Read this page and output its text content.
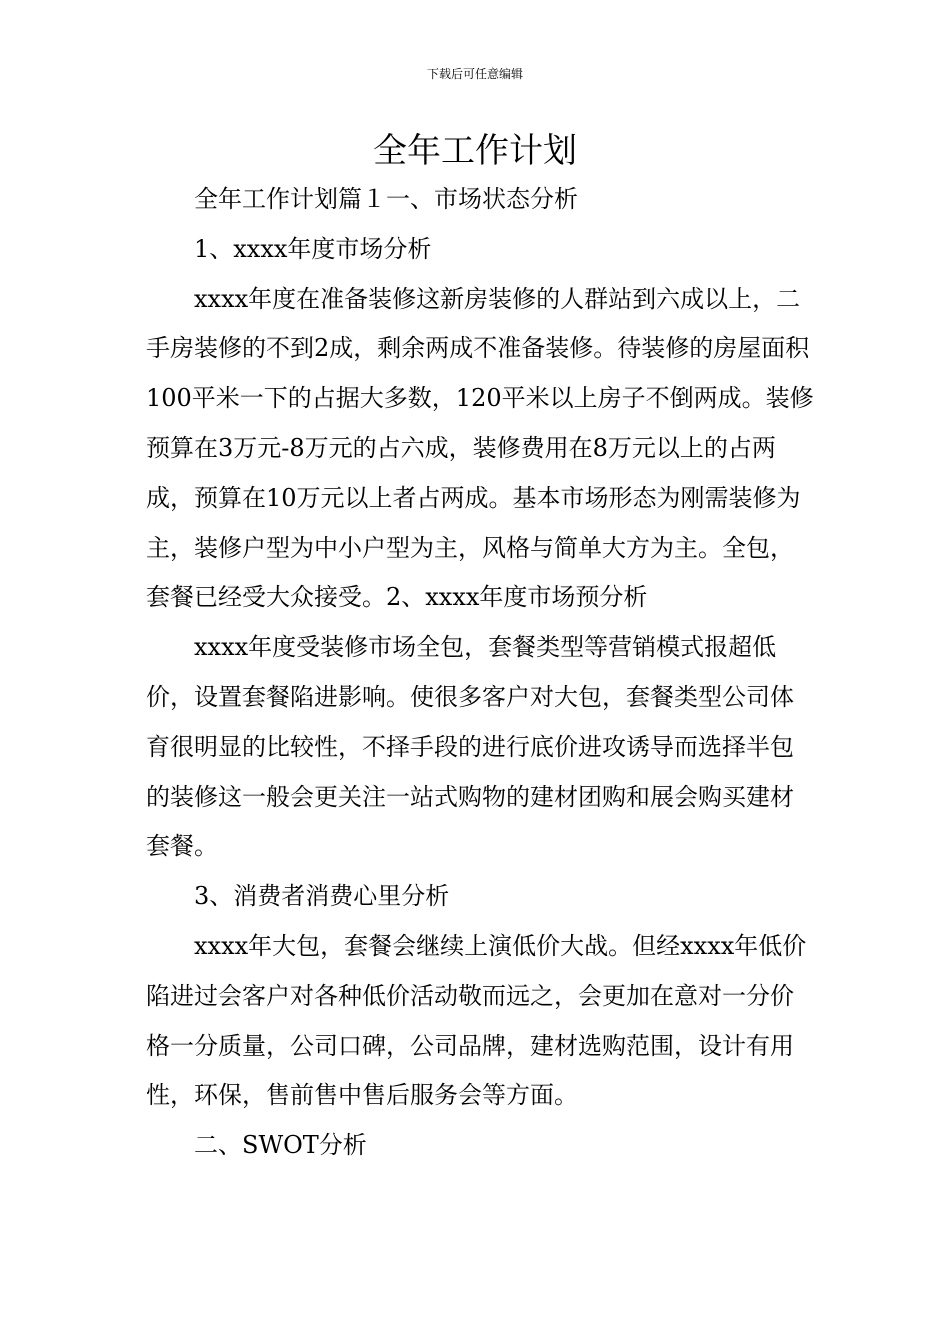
下载后可任意编辑
全年工作计划

全年工作计划篇１一、市场状态分析

1、xxxx年度市场分析

xxxx年度在准备装修这新房装修的人群站到六成以上，二手房装修的不到2成，剩余两成不准备装修。待装修的房屋面积100平米一下的占据大多数，120平米以上房子不倒两成。装修预算在3万元-8万元的占六成，装修费用在8万元以上的占两成，预算在10万元以上者占两成。基本市场形态为刚需装修为主，装修户型为中小户型为主，风格与简单大方为主。全包，套餐已经受大众接受。2、xxxx年度市场预分析

xxxx年度受装修市场全包，套餐类型等营销模式报超低价，设置套餐陷进影响。使很多客户对大包，套餐类型公司体育很明显的比较性，不择手段的进行底价进攻诱导而选择半包的装修这一般会更关注一站式购物的建材团购和展会购买建材套餐。

3、消费者消费心里分析

xxxx年大包，套餐会继续上演低价大战。但经xxxx年低价陷进过会客户对各种低价活动敬而远之，会更加在意对一分价格一分质量，公司口碑，公司品牌，建材选购范围，设计有用性，环保，售前售中售后服务会等方面。

二、SWOT分析
